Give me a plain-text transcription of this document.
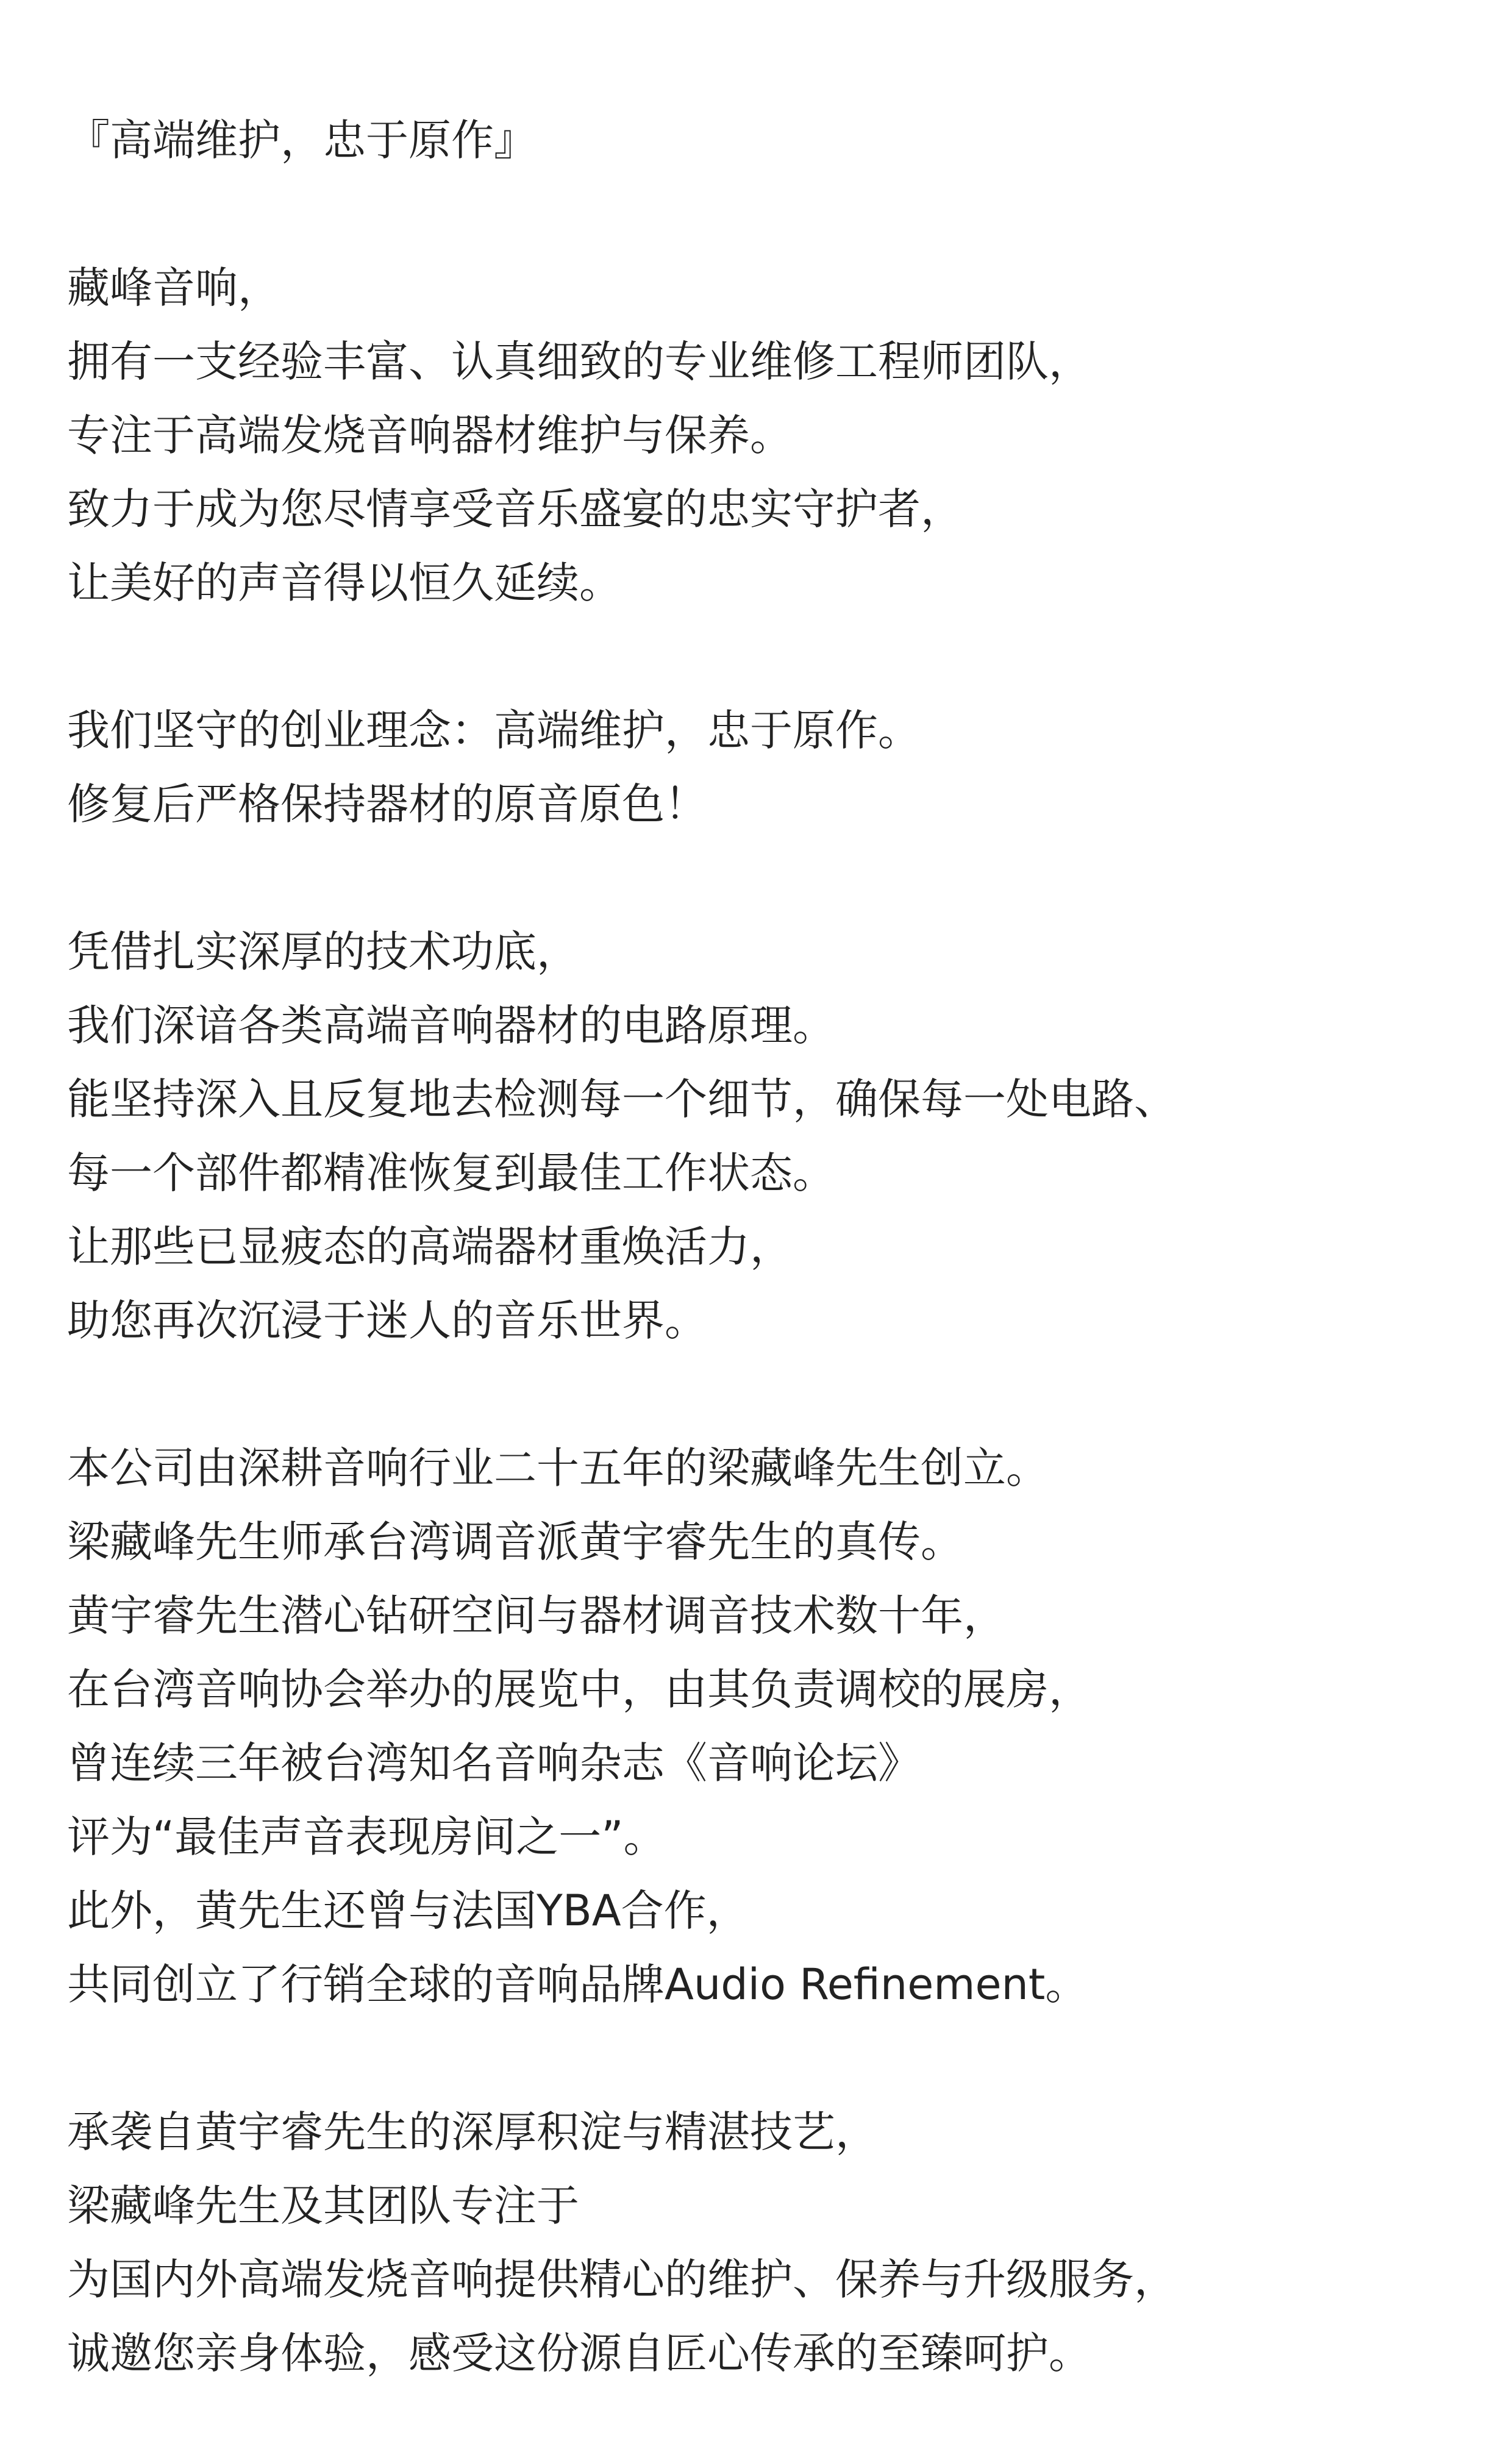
『高端维护，忠于原作』
藏峰音响，
拥有一支经验丰富、认真细致的专业维修工程师团队，
专注于高端发烧音响器材维护与保养。
致力于成为您尽情享受音乐盛宴的忠实守护者，
让美好的声音得以恒久延续。
我们坚守的创业理念：高端维护，忠于原作。
修复后严格保持器材的原音原色！
凭借扎实深厚的技术功底，
我们深谙各类高端音响器材的电路原理。
能坚持深入且反复地去检测每一个细节，确保每一处电路、
每一个部件都精准恢复到最佳工作状态。
让那些已显疲态的高端器材重焕活力，
助您再次沉浸于迷人的音乐世界。
本公司由深耕音响行业二十五年的梁藏峰先生创立。
梁藏峰先生师承台湾调音派黄宇睿先生的真传。
黄宇睿先生潜心钻研空间与器材调音技术数十年，
在台湾音响协会举办的展览中，由其负责调校的展房，
曾连续三年被台湾知名音响杂志《音响论坛》
评为“最佳声音表现房间之一”。
此外，黄先生还曾与法国YBA合作，
共同创立了行销全球的音响品牌Audio Refinement。
承袭自黄宇睿先生的深厚积淀与精湛技艺，
梁藏峰先生及其团队专注于
为国内外高端发烧音响提供精心的维护、保养与升级服务，
诚邀您亲身体验，感受这份源自匠心传承的至臻呵护。
